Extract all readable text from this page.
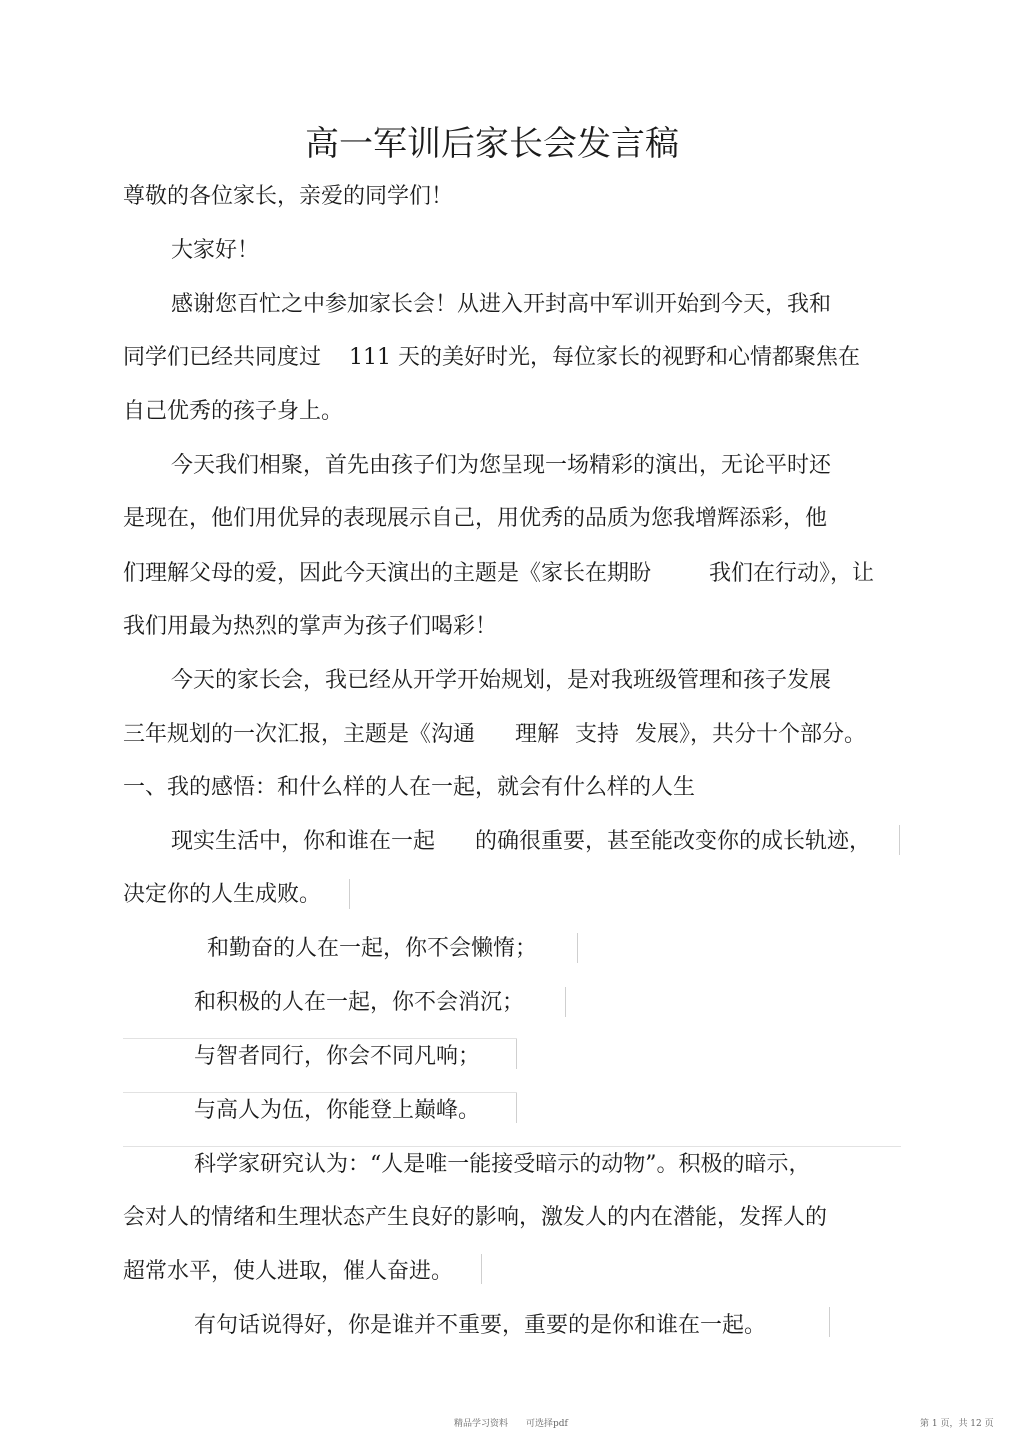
高一军训后家长会发言稿
尊敬的各位家长，亲爱的同学们！
大家好！
感谢您百忙之中参加家长会！从进入开封高中军训开始到今天，我和
同学们已经共同度过 111 天的美好时光，每位家长的视野和心情都聚焦在
自己优秀的孩子身上。
今天我们相聚，首先由孩子们为您呈现一场精彩的演出，无论平时还
是现在，他们用优异的表现展示自己，用优秀的品质为您我增辉添彩，他
们理解父母的爱，因此今天演出的主题是《家长在期盼	我们在行动》，让
我们用最为热烈的掌声为孩子们喝彩！
今天的家长会，我已经从开学开始规划，是对我班级管理和孩子发展
三年规划的一次汇报，主题是《沟通 理解 支持 发展》，共分十个部分。
一、我的感悟：和什么样的人在一起，就会有什么样的人生
现实生活中，你和谁在一起 的确很重要，甚至能改变你的成长轨迹，
决定你的人生成败。
和勤奋的人在一起，你不会懒惰；
和积极的人在一起，你不会消沉；
与智者同行，你会不同凡响；
与高人为伍，你能登上巅峰。
科学家研究认为：“人是唯一能接受暗示的动物”。积极的暗示，
会对人的情绪和生理状态产生良好的影响，激发人的内在潜能，发挥人的
超常水平，使人进取，催人奋进。
有句话说得好，你是谁并不重要，重要的是你和谁在一起。
精品学习资料　　可选择pdf	第 1 页，共 12 页
